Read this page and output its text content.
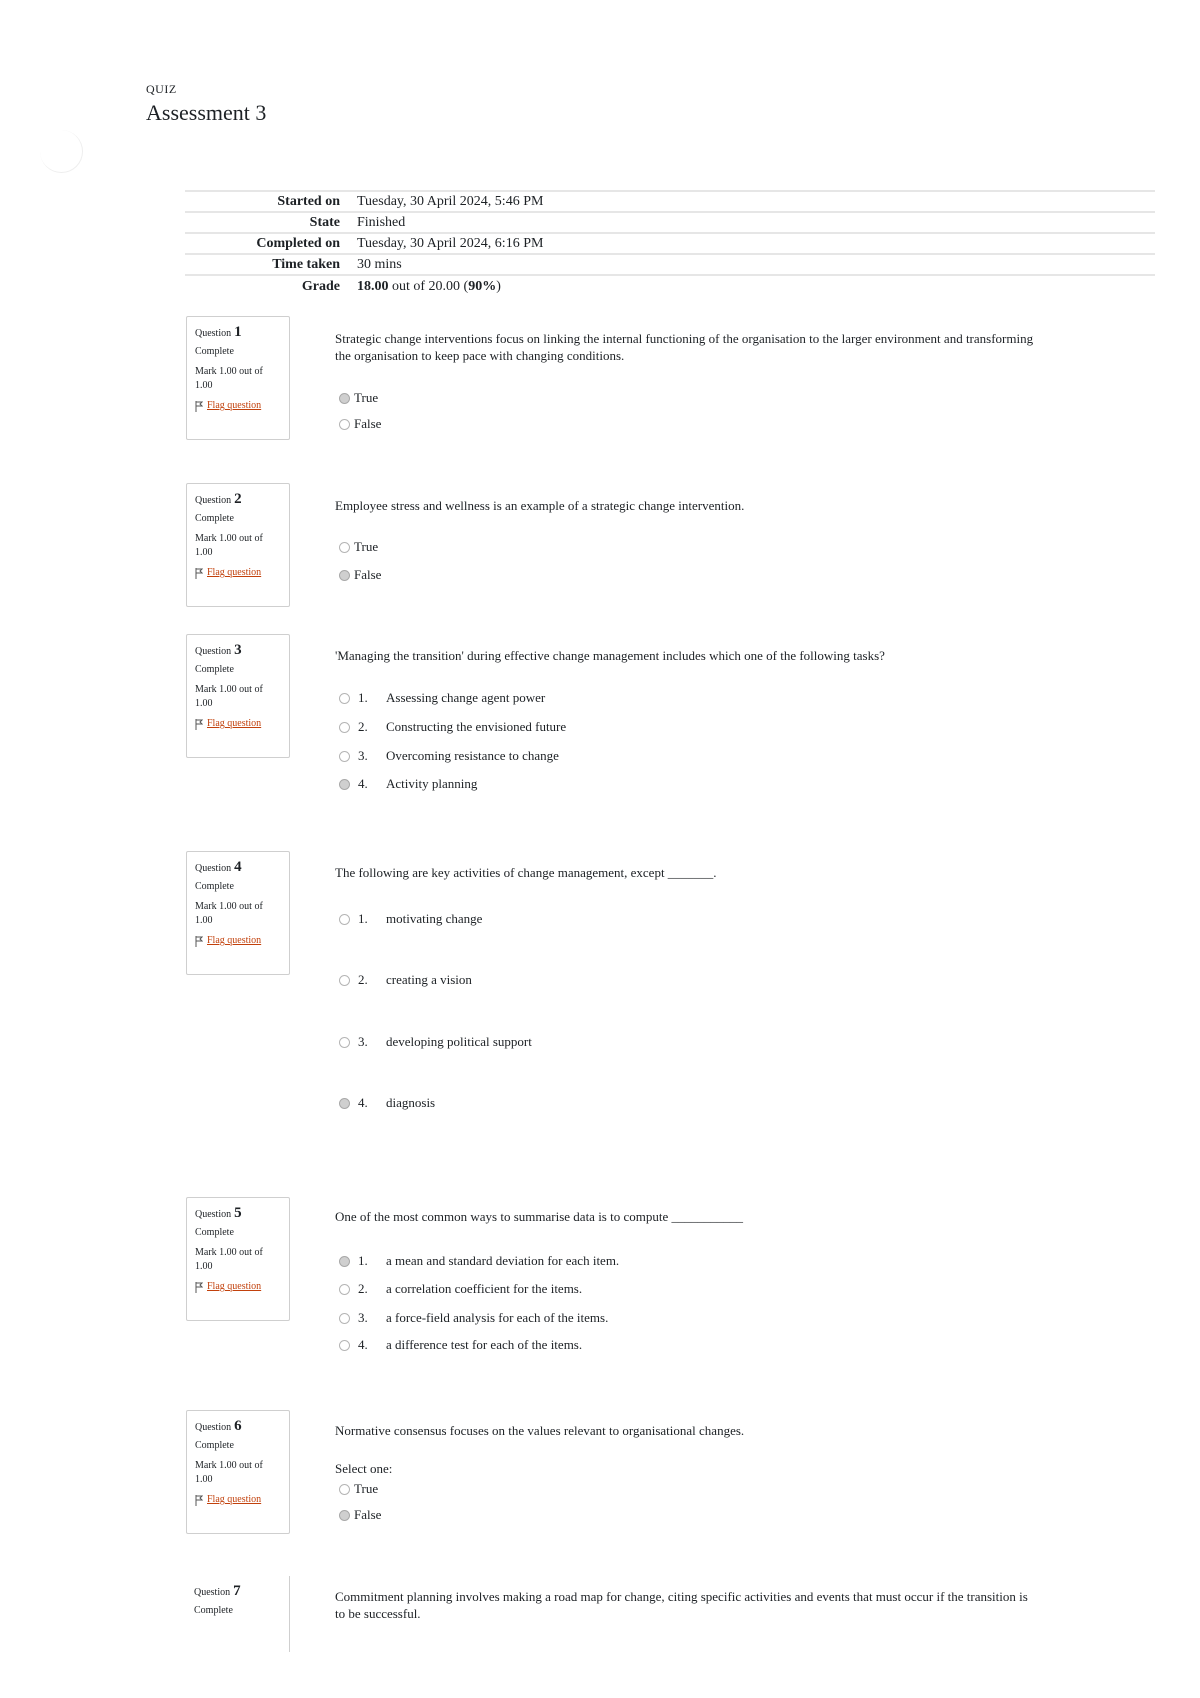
QUIZ
Assessment 3
Started on	Tuesday, 30 April 2024, 5:46 PM
State	Finished
Completed on	Tuesday, 30 April 2024, 6:16 PM
Time taken	30 mins
Grade	18.00 out of 20.00 (90%)
Question 1
Complete
Mark 1.00 out of 1.00
Flag question
Strategic change interventions focus on linking the internal functioning of the organisation to the larger environment and transforming the organisation to keep pace with changing conditions.
True
False
Question 2
Complete
Mark 1.00 out of 1.00
Flag question
Employee stress and wellness is an example of a strategic change intervention.
True
False
Question 3
Complete
Mark 1.00 out of 1.00
Flag question
'Managing the transition' during effective change management includes which one of the following tasks?
1.	Assessing change agent power
2.	Constructing the envisioned future
3.	Overcoming resistance to change
4.	Activity planning
Question 4
Complete
Mark 1.00 out of 1.00
Flag question
The following are key activities of change management, except _______.
1.	motivating change
2.	creating a vision
3.	developing political support
4.	diagnosis
Question 5
Complete
Mark 1.00 out of 1.00
Flag question
One of the most common ways to summarise data is to compute ___________
1.	a mean and standard deviation for each item.
2.	a correlation coefficient for the items.
3.	a force-field analysis for each of the items.
4.	a difference test for each of the items.
Question 6
Complete
Mark 1.00 out of 1.00
Flag question
Normative consensus focuses on the values relevant to organisational changes.
Select one:
True
False
Question 7
Complete
Commitment planning involves making a road map for change, citing specific activities and events that must occur if the transition is to be successful.
